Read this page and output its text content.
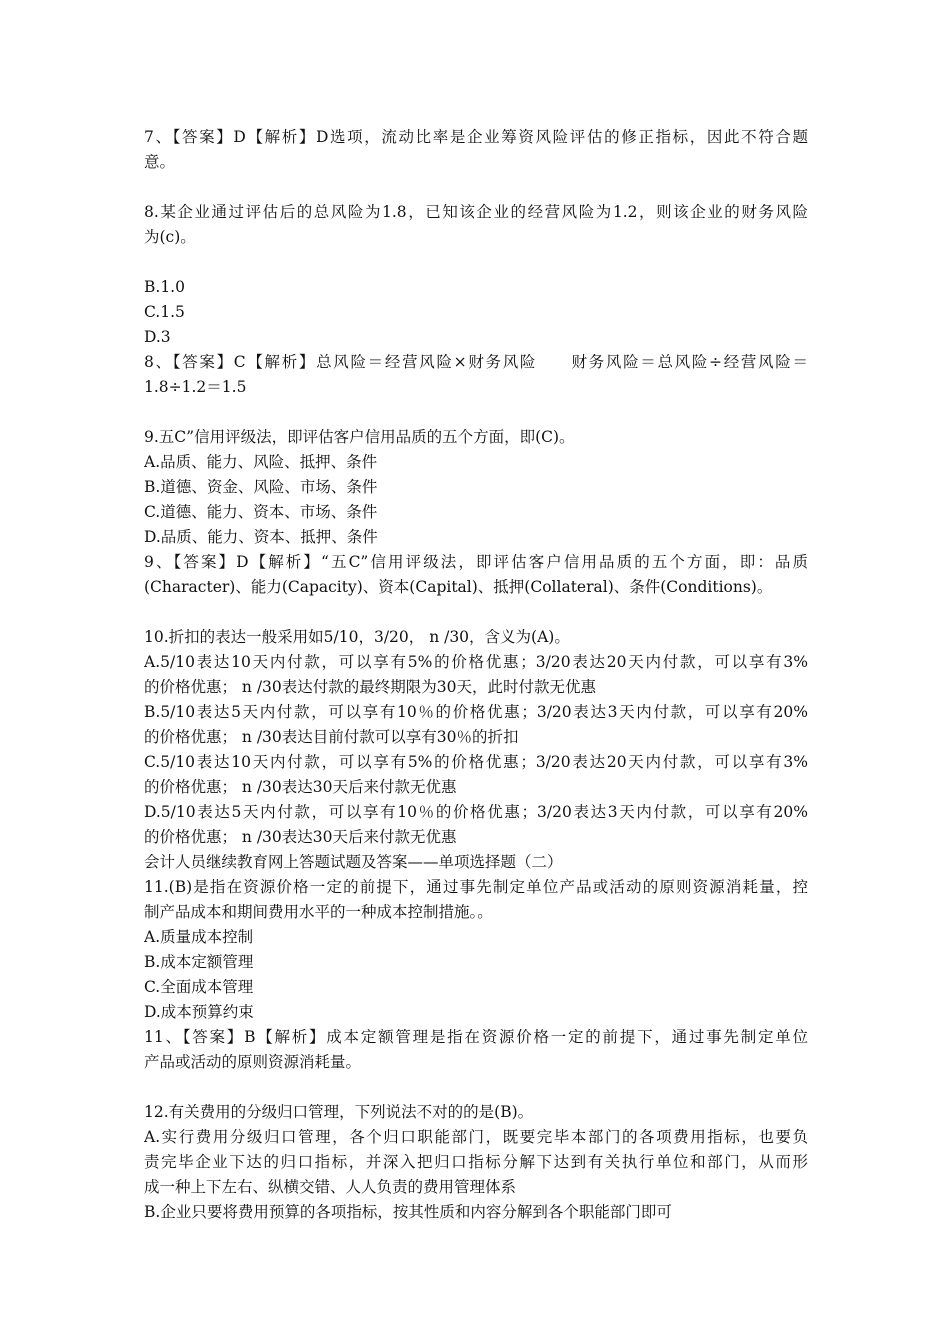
7、【答案】D【解析】D选项，流动比率是企业筹资风险评估的修正指标，因此不符合题
意。
8.某企业通过评估后的总风险为1.8，已知该企业的经营风险为1.2，则该企业的财务风险
为(c)。
B.1.0
C.1.5
D.3
8、【答案】C【解析】总风险＝经营风险×财务风险　　财务风险＝总风险÷经营风险＝
1.8÷1.2＝1.5
9.五C”信用评级法，即评估客户信用品质的五个方面，即(C)。
A.品质、能力、风险、抵押、条件
B.道德、资金、风险、市场、条件
C.道德、能力、资本、市场、条件
D.品质、能力、资本、抵押、条件
9、【答案】D【解析】“五C”信用评级法，即评估客户信用品质的五个方面，即：品质
(Character)、能力(Capacity)、资本(Capital)、抵押(Collateral)、条件(Conditions)。
10.折扣的表达一般采用如5/10，3/20， n /30，含义为(A)。
A.5/10表达10天内付款，可以享有5%的价格优惠；3/20表达20天内付款，可以享有3%
的价格优惠； n /30表达付款的最终期限为30天，此时付款无优惠
B.5/10表达5天内付款，可以享有10％的价格优惠；3/20表达3天内付款，可以享有20%
的价格优惠； n /30表达目前付款可以享有30％的折扣
C.5/10表达10天内付款，可以享有5%的价格优惠；3/20表达20天内付款，可以享有3%
的价格优惠； n /30表达30天后来付款无优惠
D.5/10表达5天内付款，可以享有10％的价格优惠；3/20表达3天内付款，可以享有20%
的价格优惠； n /30表达30天后来付款无优惠
会计人员继续教育网上答题试题及答案——单项选择题（二）
11.(B)是指在资源价格一定的前提下，通过事先制定单位产品或活动的原则资源消耗量，控
制产品成本和期间费用水平的一种成本控制措施。。
A.质量成本控制
B.成本定额管理
C.全面成本管理
D.成本预算约束
11、【答案】B【解析】成本定额管理是指在资源价格一定的前提下，通过事先制定单位
产品或活动的原则资源消耗量。
12.有关费用的分级归口管理，下列说法不对的的是(B)。
A.实行费用分级归口管理，各个归口职能部门，既要完毕本部门的各项费用指标，也要负
责完毕企业下达的归口指标，并深入把归口指标分解下达到有关执行单位和部门，从而形
成一种上下左右、纵横交错、人人负责的费用管理体系
B.企业只要将费用预算的各项指标，按其性质和内容分解到各个职能部门即可
